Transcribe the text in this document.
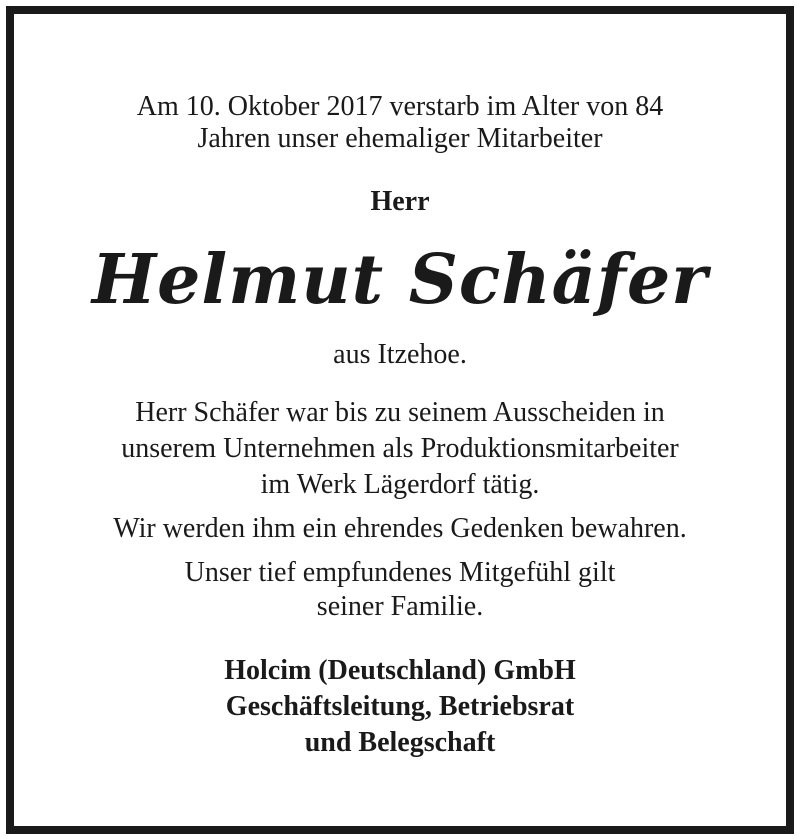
Am 10. Oktober 2017 verstarb im Alter von 84
Jahren unser ehemaliger Mitarbeiter
Herr
Helmut Schäfer
aus Itzehoe.
Herr Schäfer war bis zu seinem Ausscheiden in
unserem Unternehmen als Produktionsmitarbeiter
im Werk Lägerdorf tätig.
Wir werden ihm ein ehrendes Gedenken bewahren.
Unser tief empfundenes Mitgefühl gilt
seiner Familie.
Holcim (Deutschland) GmbH
Geschäftsleitung, Betriebsrat
und Belegschaft
